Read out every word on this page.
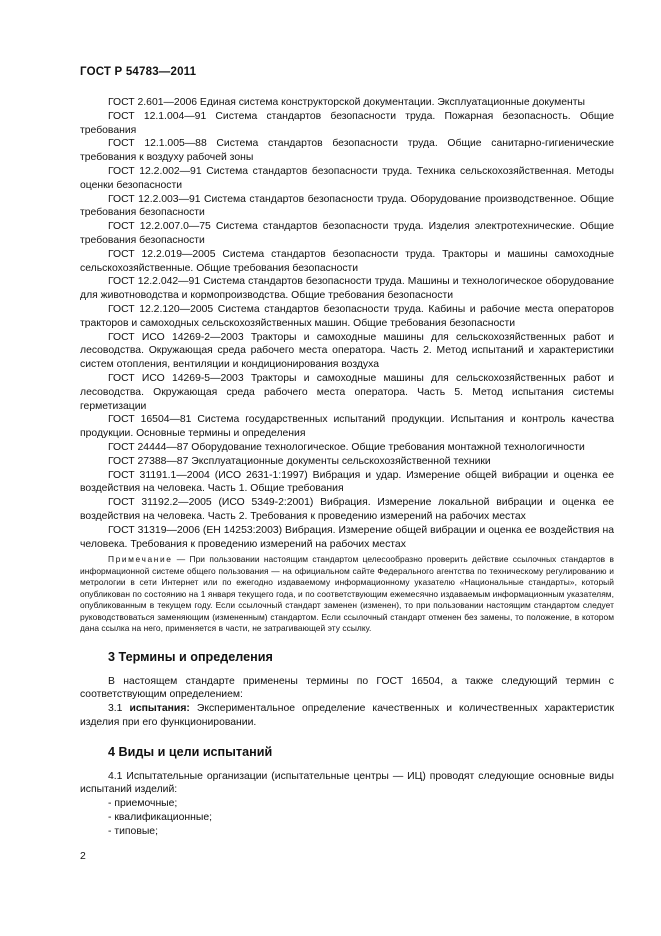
ГОСТ Р 54783—2011

ГОСТ 2.601—2006 Единая система конструкторской документации. Эксплуатационные документы

ГОСТ 12.1.004—91 Система стандартов безопасности труда. Пожарная безопасность. Общие требования

ГОСТ 12.1.005—88 Система стандартов безопасности труда. Общие санитарно-гигиенические требования к воздуху рабочей зоны

ГОСТ 12.2.002—91 Система стандартов безопасности труда. Техника сельскохозяйственная. Методы оценки безопасности

ГОСТ 12.2.003—91 Система стандартов безопасности труда. Оборудование производственное. Общие требования безопасности

ГОСТ 12.2.007.0—75 Система стандартов безопасности труда. Изделия электротехнические. Общие требования безопасности

ГОСТ 12.2.019—2005 Система стандартов безопасности труда. Тракторы и машины самоходные сельскохозяйственные. Общие требования безопасности

ГОСТ 12.2.042—91 Система стандартов безопасности труда. Машины и технологическое оборудование для животноводства и кормопроизводства. Общие требования безопасности

ГОСТ 12.2.120—2005 Система стандартов безопасности труда. Кабины и рабочие места операторов тракторов и самоходных сельскохозяйственных машин. Общие требования безопасности

ГОСТ ИСО 14269-2—2003 Тракторы и самоходные машины для сельскохозяйственных работ и лесоводства. Окружающая среда рабочего места оператора. Часть 2. Метод испытаний и характеристики систем отопления, вентиляции и кондиционирования воздуха

ГОСТ ИСО 14269-5—2003 Тракторы и самоходные машины для сельскохозяйственных работ и лесоводства. Окружающая среда рабочего места оператора. Часть 5. Метод испытания системы герметизации

ГОСТ 16504—81 Система государственных испытаний продукции. Испытания и контроль качества продукции. Основные термины и определения

ГОСТ 24444—87 Оборудование технологическое. Общие требования монтажной технологичности

ГОСТ 27388—87 Эксплуатационные документы сельскохозяйственной техники

ГОСТ 31191.1—2004 (ИСО 2631-1:1997) Вибрация и удар. Измерение общей вибрации и оценка ее воздействия на человека. Часть 1. Общие требования

ГОСТ 31192.2—2005 (ИСО 5349-2:2001) Вибрация. Измерение локальной вибрации и оценка ее воздействия на человека. Часть 2. Требования к проведению измерений на рабочих местах

ГОСТ 31319—2006 (ЕН 14253:2003) Вибрация. Измерение общей вибрации и оценка ее воздействия на человека. Требования к проведению измерений на рабочих местах

Примечание — При пользовании настоящим стандартом целесообразно проверить действие ссылочных стандартов в информационной системе общего пользования — на официальном сайте Федерального агентства по техническому регулированию и метрологии в сети Интернет или по ежегодно издаваемому информационному указателю «Национальные стандарты», который опубликован по состоянию на 1 января текущего года, и по соответствующим ежемесячно издаваемым информационным указателям, опубликованным в текущем году. Если ссылочный стандарт заменен (изменен), то при пользовании настоящим стандартом следует руководствоваться заменяющим (измененным) стандартом. Если ссылочный стандарт отменен без замены, то положение, в котором дана ссылка на него, применяется в части, не затрагивающей эту ссылку.

3 Термины и определения

В настоящем стандарте применены термины по ГОСТ 16504, а также следующий термин с соответствующим определением:

3.1 испытания: Экспериментальное определение качественных и количественных характеристик изделия при его функционировании.

4 Виды и цели испытаний

4.1 Испытательные организации (испытательные центры — ИЦ) проводят следующие основные виды испытаний изделий:

- приемочные;

- квалификационные;

- типовые;

2
